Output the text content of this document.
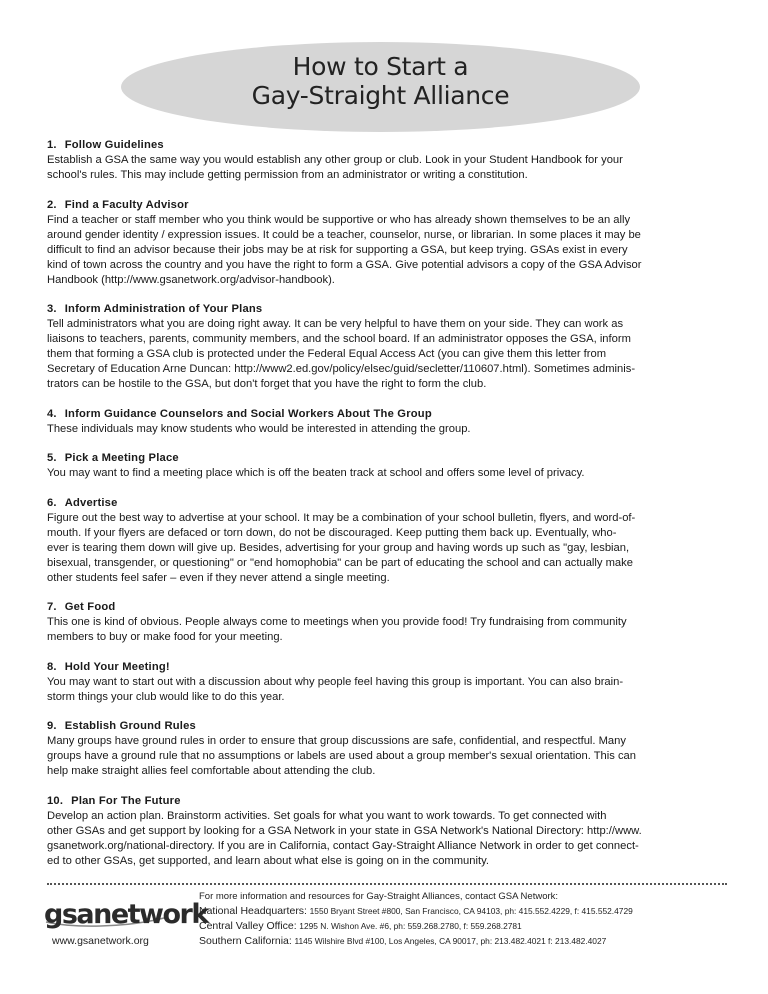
How to Start a
Gay-Straight Alliance
1. Follow Guidelines
Establish a GSA the same way you would establish any other group or club. Look in your Student Handbook for your
school's rules. This may include getting permission from an administrator or writing a constitution.
2. Find a Faculty Advisor
Find a teacher or staff member who you think would be supportive or who has already shown themselves to be an ally
around gender identity / expression issues. It could be a teacher, counselor, nurse, or librarian. In some places it may be
difficult to find an advisor because their jobs may be at risk for supporting a GSA, but keep trying. GSAs exist in every
kind of town across the country and you have the right to form a GSA. Give potential advisors a copy of the GSA Advisor
Handbook (http://www.gsanetwork.org/advisor-handbook).
3. Inform Administration of Your Plans
Tell administrators what you are doing right away. It can be very helpful to have them on your side. They can work as
liaisons to teachers, parents, community members, and the school board. If an administrator opposes the GSA, inform
them that forming a GSA club is protected under the Federal Equal Access Act (you can give them this letter from
Secretary of Education Arne Duncan: http://www2.ed.gov/policy/elsec/guid/secletter/110607.html). Sometimes adminis-
trators can be hostile to the GSA, but don't forget that you have the right to form the club.
4. Inform Guidance Counselors and Social Workers About The Group
These individuals may know students who would be interested in attending the group.
5. Pick a Meeting Place
You may want to find a meeting place which is off the beaten track at school and offers some level of privacy.
6. Advertise
Figure out the best way to advertise at your school. It may be a combination of your school bulletin, flyers, and word-of-
mouth. If your flyers are defaced or torn down, do not be discouraged. Keep putting them back up. Eventually, who-
ever is tearing them down will give up. Besides, advertising for your group and having words up such as "gay, lesbian,
bisexual, transgender, or questioning" or "end homophobia" can be part of educating the school and can actually make
other students feel safer – even if they never attend a single meeting.
7. Get Food
This one is kind of obvious. People always come to meetings when you provide food! Try fundraising from community
members to buy or make food for your meeting.
8. Hold Your Meeting!
You may want to start out with a discussion about why people feel having this group is important. You can also brain-
storm things your club would like to do this year.
9. Establish Ground Rules
Many groups have ground rules in order to ensure that group discussions are safe, confidential, and respectful. Many
groups have a ground rule that no assumptions or labels are used about a group member's sexual orientation. This can
help make straight allies feel comfortable about attending the club.
10. Plan For The Future
Develop an action plan. Brainstorm activities. Set goals for what you want to work towards. To get connected with
other GSAs and get support by looking for a GSA Network in your state in GSA Network's National Directory: http://www.
gsanetwork.org/national-directory. If you are in California, contact Gay-Straight Alliance Network in order to get connect-
ed to other GSAs, get supported, and learn about what else is going on in the community.
gsanetwork
www.gsanetwork.org
For more information and resources for Gay-Straight Alliances, contact GSA Network:
National Headquarters: 1550 Bryant Street #800, San Francisco, CA 94103, ph: 415.552.4229, f: 415.552.4729
Central Valley Office: 1295 N. Wishon Ave. #6, ph: 559.268.2780, f: 559.268.2781
Southern California: 1145 Wilshire Blvd #100, Los Angeles, CA 90017, ph: 213.482.4021 f: 213.482.4027
